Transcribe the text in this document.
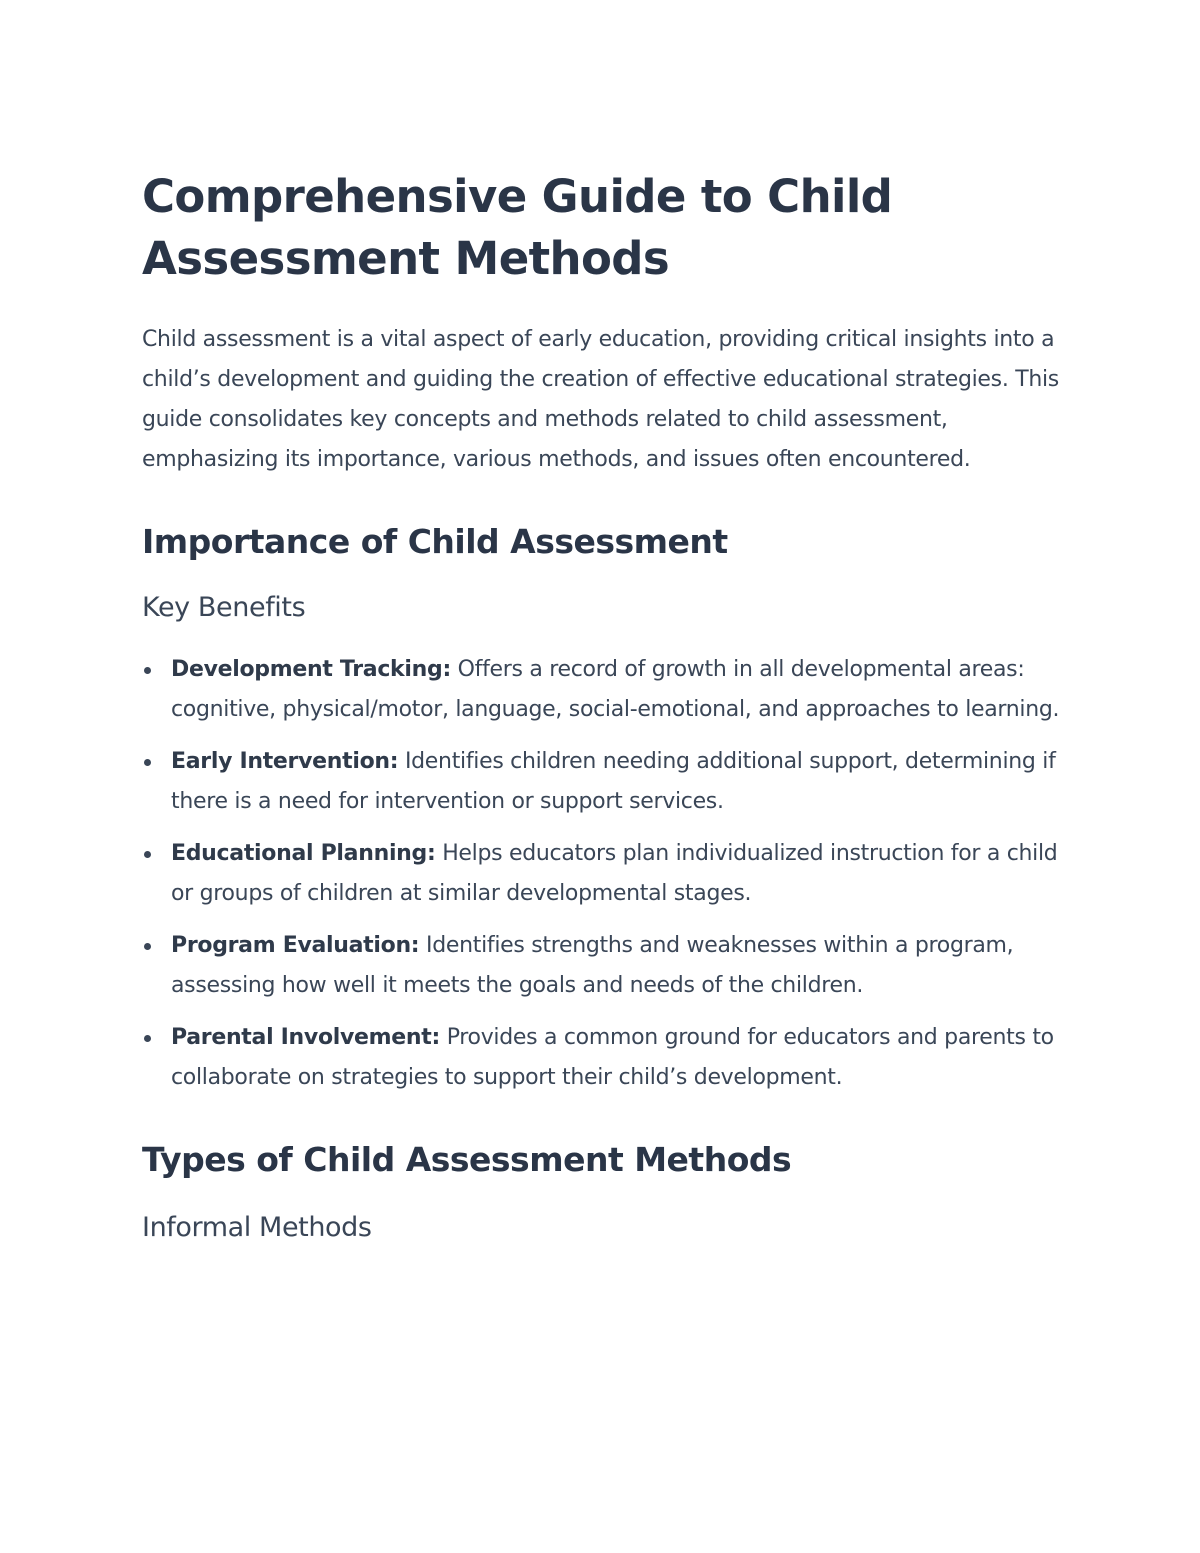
Comprehensive Guide to Child Assessment Methods

Child assessment is a vital aspect of early education, providing critical insights into a child’s development and guiding the creation of effective educational strategies. This guide consolidates key concepts and methods related to child assessment, emphasizing its importance, various methods, and issues often encountered.

Importance of Child Assessment
Key Benefits
Development Tracking: Offers a record of growth in all developmental areas: cognitive, physical/motor, language, social-emotional, and approaches to learning.
Early Intervention: Identifies children needing additional support, determining if there is a need for intervention or support services.
Educational Planning: Helps educators plan individualized instruction for a child or groups of children at similar developmental stages.
Program Evaluation: Identifies strengths and weaknesses within a program, assessing how well it meets the goals and needs of the children.
Parental Involvement: Provides a common ground for educators and parents to collaborate on strategies to support their child’s development.
Types of Child Assessment Methods
Informal Methods
